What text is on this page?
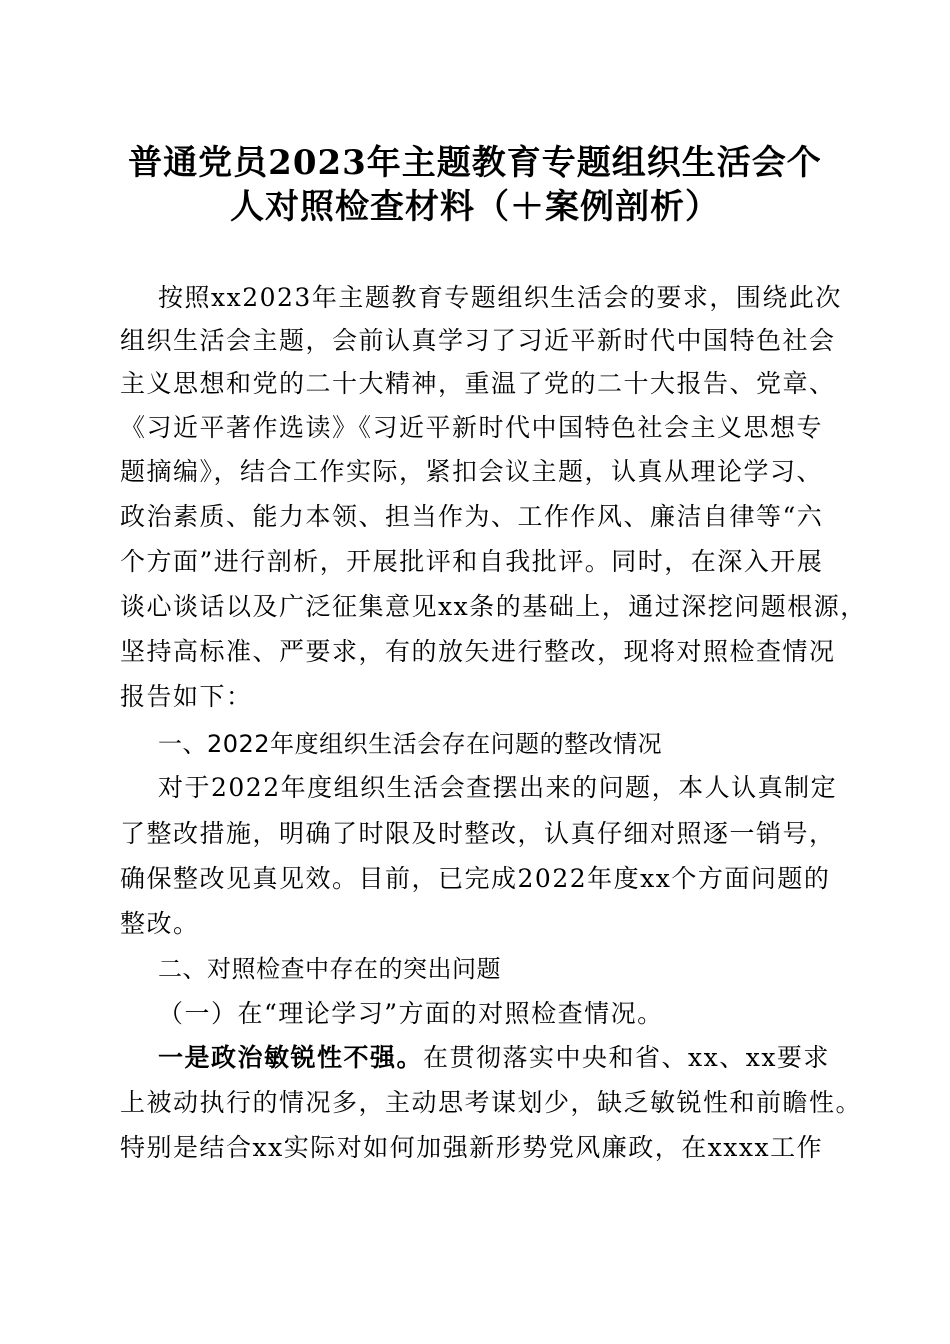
普通党员2023年主题教育专题组织生活会个
人对照检查材料（＋案例剖析）
按照xx2023年主题教育专题组织生活会的要求，围绕此次
组织生活会主题，会前认真学习了习近平新时代中国特色社会
主义思想和党的二十大精神，重温了党的二十大报告、党章、
《习近平著作选读》《习近平新时代中国特色社会主义思想专
题摘编》，结合工作实际，紧扣会议主题，认真从理论学习、
政治素质、能力本领、担当作为、工作作风、廉洁自律等“六
个方面”进行剖析，开展批评和自我批评。同时，在深入开展
谈心谈话以及广泛征集意见xx条的基础上，通过深挖问题根源，
坚持高标准、严要求，有的放矢进行整改，现将对照检查情况
报告如下：
一、2022年度组织生活会存在问题的整改情况
对于2022年度组织生活会查摆出来的问题，本人认真制定
了整改措施，明确了时限及时整改，认真仔细对照逐一销号，
确保整改见真见效。目前，已完成2022年度xx个方面问题的
整改。
二、对照检查中存在的突出问题
（一）在“理论学习”方面的对照检查情况。
一是政治敏锐性不强。在贯彻落实中央和省、xx、xx要求
上被动执行的情况多，主动思考谋划少，缺乏敏锐性和前瞻性。
特别是结合xx实际对如何加强新形势党风廉政，在xxxx工作
